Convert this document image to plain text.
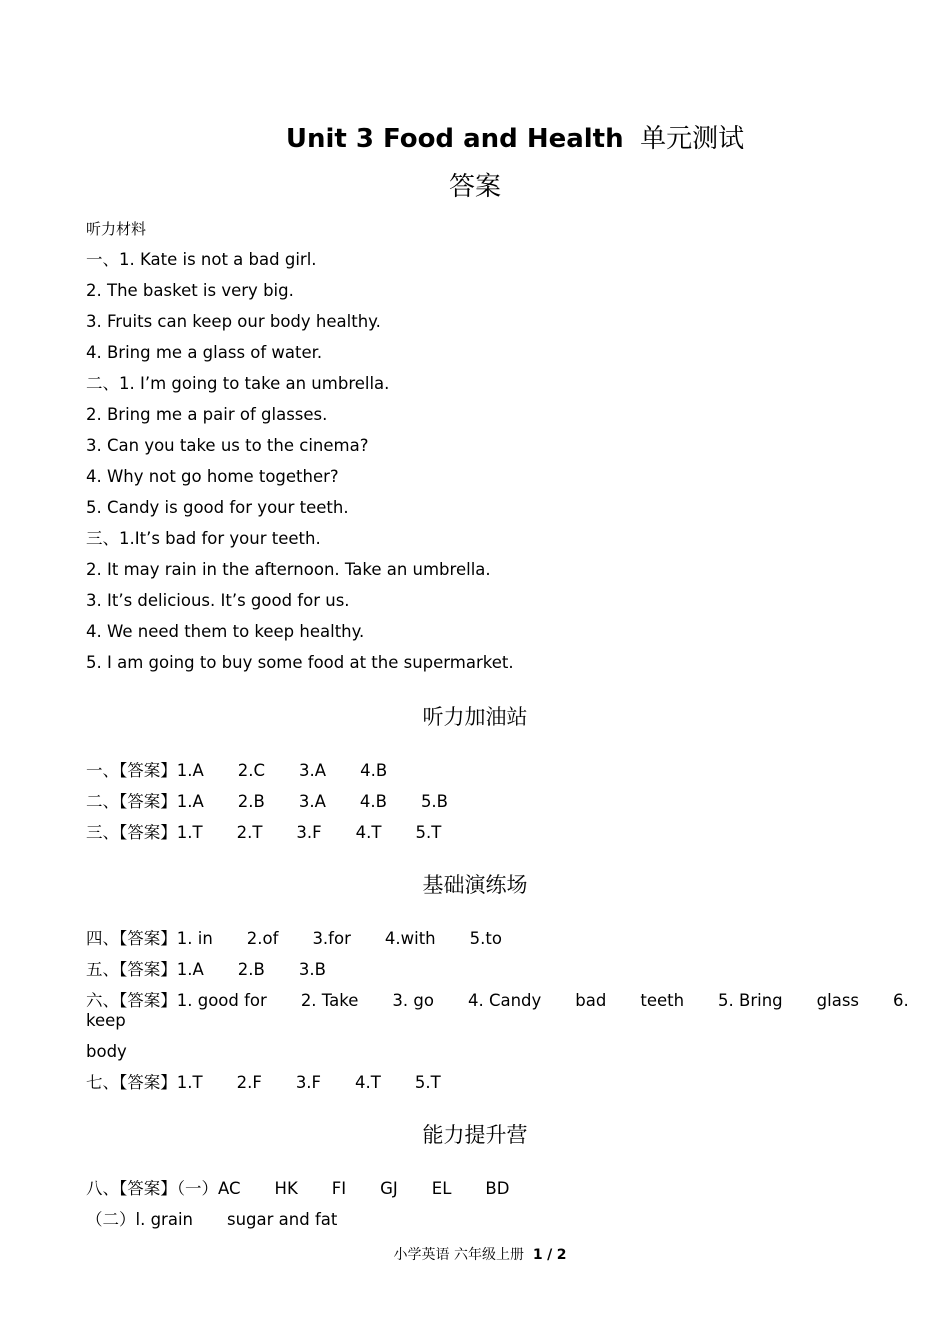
Unit 3 Food and Health 单元测试
答案
听力材料
一、1. Kate is not a bad girl.
2. The basket is very big.
3. Fruits can keep our body healthy.
4. Bring me a glass of water.
二、1. I’m going to take an umbrella.
2. Bring me a pair of glasses.
3. Can you take us to the cinema?
4. Why not go home together?
5. Candy is good for your teeth.
三、1.It’s bad for your teeth.
2. It may rain in the afternoon. Take an umbrella.
3. It’s delicious. It’s good for us.
4. We need them to keep healthy.
5. I am going to buy some food at the supermarket.
听力加油站
一、【答案】1.A 2.C 3.A 4.B
二、【答案】1.A 2.B 3.A 4.B 5.B
三、【答案】1.T 2.T 3.F 4.T 5.T
基础演练场
四、【答案】1. in 2.of 3.for 4.with 5.to
五、【答案】1.A 2.B 3.B
六、【答案】1. good for 2. Take 3. go 4. Candy bad teeth 5. Bring glass 6.
keep
body
七、【答案】1.T 2.F 3.F 4.T 5.T
能力提升营
八、【答案】（一）AC HK FI GJ EL BD
（二）l. grain sugar and fat
小学英语 六年级上册 1 / 2
